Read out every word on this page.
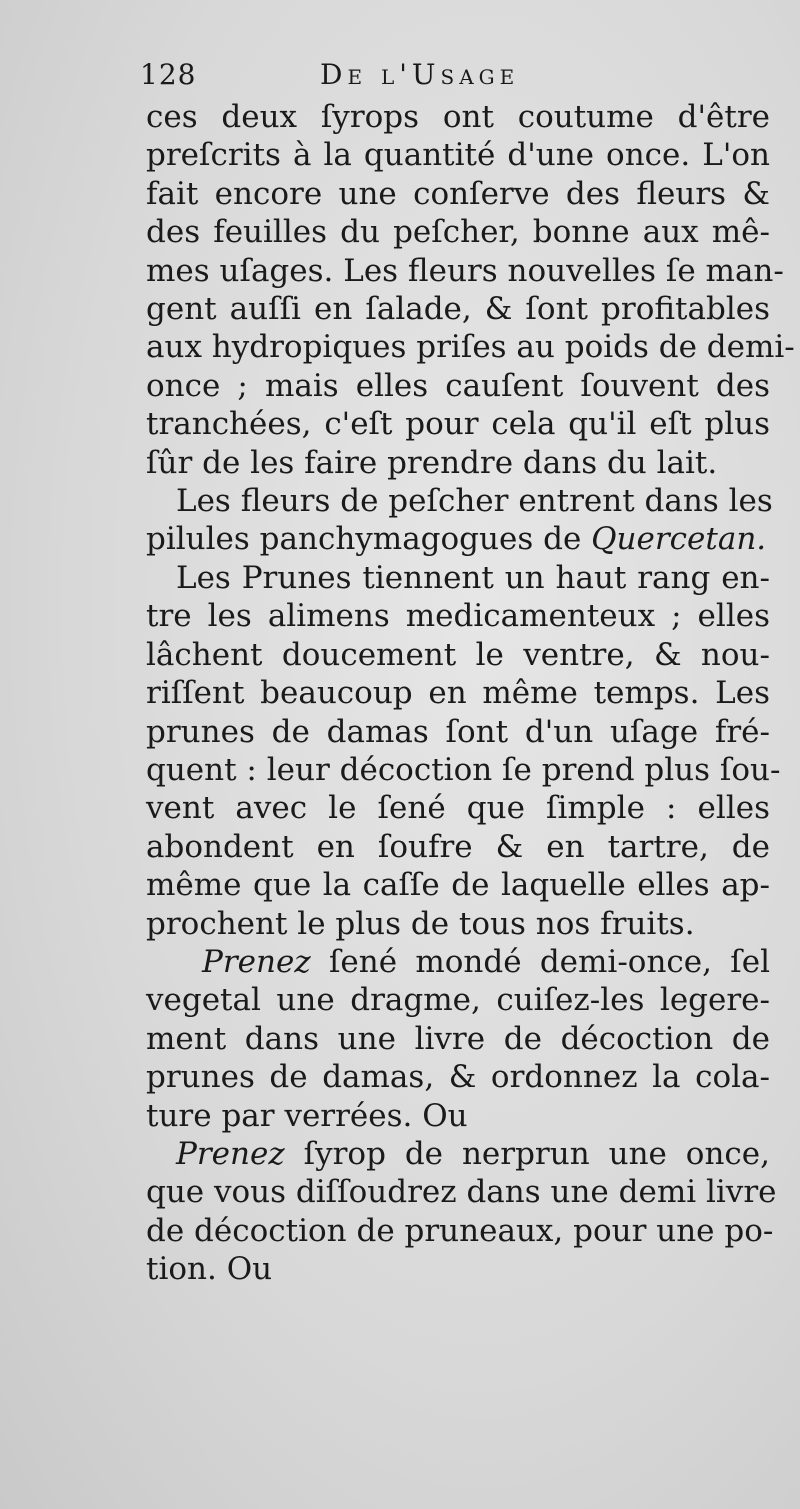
128	De l'Usage

ces deux ſyrops ont coutume d'être
preſcrits à la quantité d'une once. L'on
fait encore une conſerve des fleurs &
des feuilles du peſcher, bonne aux mê-
mes uſages. Les fleurs nouvelles ſe man-
gent auſſi en ſalade, & ſont profitables
aux hydropiques priſes au poids de demi-
once ; mais elles cauſent ſouvent des
tranchées, c'eſt pour cela qu'il eſt plus
ſûr de les faire prendre dans du lait.

Les fleurs de peſcher entrent dans les
pilules panchymagogues de Quercetan.

Les Prunes tiennent un haut rang en-
tre les alimens medicamenteux ; elles
lâchent doucement le ventre, & nou-
riſſent beaucoup en même temps. Les
prunes de damas ſont d'un uſage fré-
quent : leur décoction ſe prend plus ſou-
vent avec le ſené que ſimple : elles
abondent en ſoufre & en tartre, de
même que la caſſe de laquelle elles ap-
prochent le plus de tous nos fruits.

Prenez ſené mondé demi-once, ſel
vegetal une dragme, cuiſez-les legere-
ment dans une livre de décoction de
prunes de damas, & ordonnez la cola-
ture par verrées. Ou

Prenez ſyrop de nerprun une once,
que vous diſſoudrez dans une demi livre
de décoction de pruneaux, pour une po-
tion. Ou
